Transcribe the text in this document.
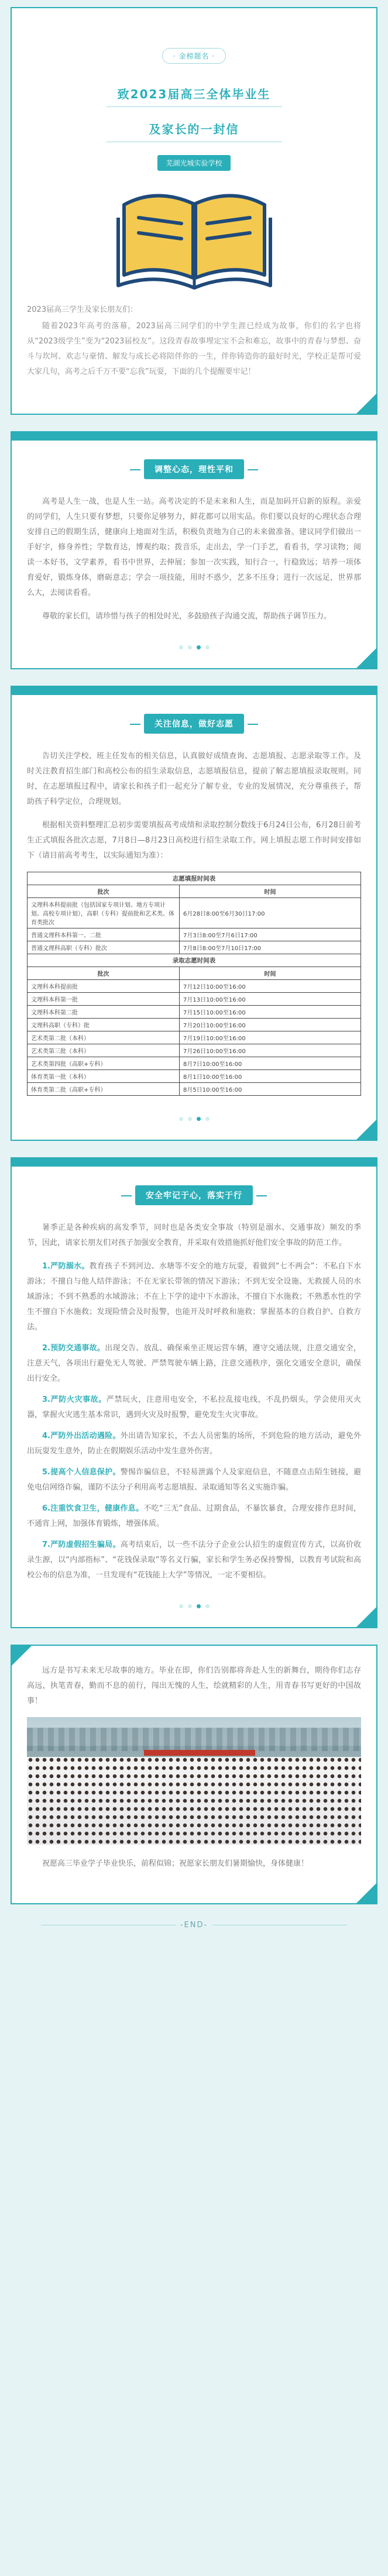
· 金榜题名 ·
致2023届高三全体毕业生
及家长的一封信
芜湖光城实验学校
2023届高三学生及家长朋友们：

随着2023年高考的落幕，2023届高三同学们的中学生涯已经成为故事，你们的名字也将从“2023级学生”变为“2023届校友”。这段青春故事埋定宝不会和难忘，故事中的青春与梦想、奋斗与坎坷、欢志与豪情、解发与成长必将陪伴你的一生，伴你铸造你的最好时光，学校正是帮可爱大家几句，高考之后千万不要“忘我”玩耍，下面的几个提醒要牢记！

调整心态，理性平和

高考是人生一战，也是人生一站。高考决定的不是未来和人生，而是加码开启新的原程。亲爱的同学们，人生只要有梦想，只要你足够努力，鲜花都可以用实品。你们要以良好的心理状态合理安排自己的假期生活，健康向上地面对生活，积极负责地为自己的未来做准备。建议同学们做出一手好字，修身养性；学数育达，博观约取；拨音乐，走出去，学一门手艺，看看书，学习读物；阅读一本好书，文学素养，看书中世界，去伸展；参加一次实践，知行合一，行稳致远；培养一项体育爱好，锻炼身体，磨砺意志；学会一项技能，用时不惑少，艺多不压身；进行一次远足，世界那么大，去阅读看看。

尊敬的家长们，请珍惜与孩子的相处时光，多鼓励孩子沟通交流，帮助孩子调节压力。

关注信息，做好志愿

告切关注学校、班主任发布的相关信息，认真做好成绩查询、志愿填报、志愿录取等工作。及时关注教育招生部门和高校公布的招生录取信息，志愿填报信息，提前了解志愿填报录取规则。同时，在志愿填报过程中，请家长和孩子们一起充分了解专业，专业的发展情况，充分尊重孩子，帮助孩子科学定位，合理规划。

根据相关资料整理汇总初步需要填报高考成绩和录取控制分数线于6月24日公布，6月28日前考生正式填报各批次志愿，7月8日—8月23日高校进行招生录取工作。网上填报志愿工作时间安排如下（请目前高考考生，以实际通知为准）：

志愿填报时间表	
批次	时间
文理科本科提前批（包括国家专项计划、地方专项计划、高校专项计划），高职（专科）提前批和艺术类、体育类批次	6月28日8:00至6月30日17:00
普通文理科本科第一、二批	7月3日8:00至7月6日17:00
普通文理科高职（专科）批次	7月8日8:00至7月10日17:00
录取志愿时间表	
批次	时间
文理科本科提前批	7月12日10:00至16:00
文理科本科第一批	7月13日10:00至16:00
文理科本科第二批	7月15日10:00至16:00
文理科高职（专科）批	7月20日10:00至16:00
艺术类第二批（本科）	7月19日10:00至16:00
艺术类第三批（本科）	7月26日10:00至16:00
艺术类第四批（高职+专科）	8月7日10:00至16:00
体育类第一批（本科）	8月1日10:00至16:00
体育类第二批（高职+专科）	8月5日10:00至16:00
安全牢记于心，落实于行

暑季正是各种疾病的高发季节，同时也是各类安全事故（特别是溺水、交通事故）频发的季节，因此，请家长朋友们对孩子加强安全教育，并采取有效措施抓好他们安全事故的防范工作。

1.严防溺水。教育孩子不到河边、水塘等不安全的地方玩耍，着做到“七不两会”：不私自下水游泳；不擅自与他人结伴游泳；不在无家长带领的情况下游泳；不到无安全设施、无救援人员的水域游泳；不到不熟悉的水域游泳；不在上下学的途中下水游泳，不擅自下水施救；不熟悉水性的学生不擅自下水施救；发现险情会及时报警，也能开及时呼救和施救；掌握基本的自救自护、自救方法。

2.预防交通事故。出现交告、放乱、确保乘坐正规运营车辆，遵守交通法规，注意交通安全，注意天气，各项出行避免无人驾驶、严禁驾驶车辆上路，注意交通秩序，强化交通安全意识，确保出行安全。

3.严防火灾事故。严禁玩火，注意用电安全，不私拉乱接电线，不乱扔烟头，学会使用灭火器，掌握火灾逃生基本常识，遇到火灾及时报警，避免发生火灾事故。

4.严防外出活动遇险。外出请告知家长，不去人员密集的场所，不到危险的地方活动，避免外出玩耍发生意外，防止在假期娱乐活动中发生意外伤害。

5.提高个人信息保护。警惕诈骗信息，不轻易泄露个人及家庭信息，不随意点击陌生链接，避免电信网络诈骗，谨防不法分子利用高考志愿填报、录取通知等名义实施诈骗。

6.注重饮食卫生，健康作息。不吃“三无”食品、过期食品，不暴饮暴食，合理安排作息时间，不通宵上网，加强体育锻炼，增强体质。

7.严防虚假招生骗局。高考结束后，以一些不法分子企业公认招生的虚假宣传方式，以高价收录生源，以“内部指标”、“花钱保录取”等名义行骗，家长和学生务必保持警惕，以教育考试院和高校公布的信息为准，一旦发现有“花钱能上大学”等情况，一定不要相信。

远方是书写未来无尽故事的地方。毕业在即，你们告别都将奔赴人生的新舞台，期待你们志存高远，执笔青春，勤而不息的前行，闯出无愧的人生，绘就精彩的人生，用青春书写更好的中国故事！

祝愿高三毕业学子毕业快乐，前程似锦；祝愿家长朋友们暑期愉快，身体健康！

-END-
